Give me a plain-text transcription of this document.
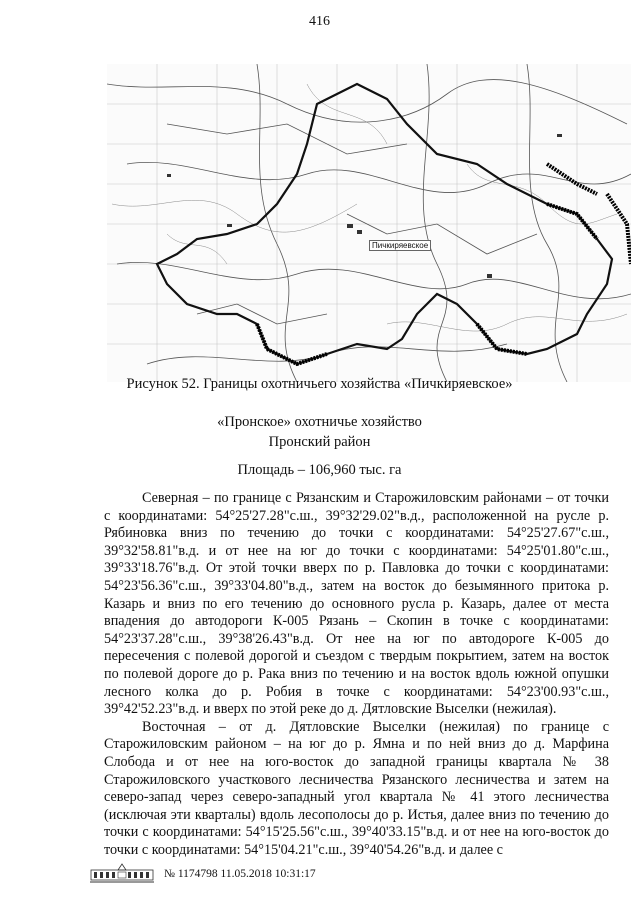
416
Пичкиряевское
Рисунок 52. Границы охотничьего хозяйства «Пичкиряевское»
«Пронское» охотничье хозяйство
Пронский район
Площадь – 106,960 тыс. га

Северная – по границе с Рязанским и Старожиловским районами – от точки с координатами: 54°25'27.28"с.ш., 39°32'29.02"в.д., расположенной на русле р. Рябиновка вниз по течению до точки с координатами: 54°25'27.67"с.ш., 39°32'58.81"в.д. и от нее на юг до точки с координатами: 54°25'01.80"с.ш., 39°33'18.76"в.д. От этой точки вверх по р. Павловка до точки с координатами: 54°23'56.36"с.ш., 39°33'04.80"в.д., затем на восток до безымянного притока р. Казарь и вниз по его течению до основного русла р. Казарь, далее от места впадения до автодороги К-005 Рязань – Скопин в точке с координатами: 54°23'37.28"с.ш., 39°38'26.43"в.д. От нее на юг по автодороге К-005 до пересечения с полевой дорогой и съездом с твердым покрытием, затем на восток по полевой дороге до р. Рака вниз по течению и на восток вдоль южной опушки лесного колка до р. Робия в точке с координатами: 54°23'00.93"с.ш., 39°42'52.23"в.д. и вверх по этой реке до д. Дятловские Выселки (нежилая).

Восточная – от д. Дятловские Выселки (нежилая) по границе с Старожиловским районом – на юг до р. Ямна и по ней вниз до д. Марфина Слобода и от нее на юго-восток до западной границы квартала № 38 Старожиловского участкового лесничества Рязанского лесничества и затем на северо-запад через северо-западный угол квартала № 41 этого лесничества (исключая эти кварталы) вдоль лесополосы до р. Истья, далее вниз по течению до точки с координатами: 54°15'25.56"с.ш., 39°40'33.15"в.д. и от нее на юго-восток до точки с координатами: 54°15'04.21"с.ш., 39°40'54.26"в.д. и далее с

№ 1174798 11.05.2018 10:31:17
